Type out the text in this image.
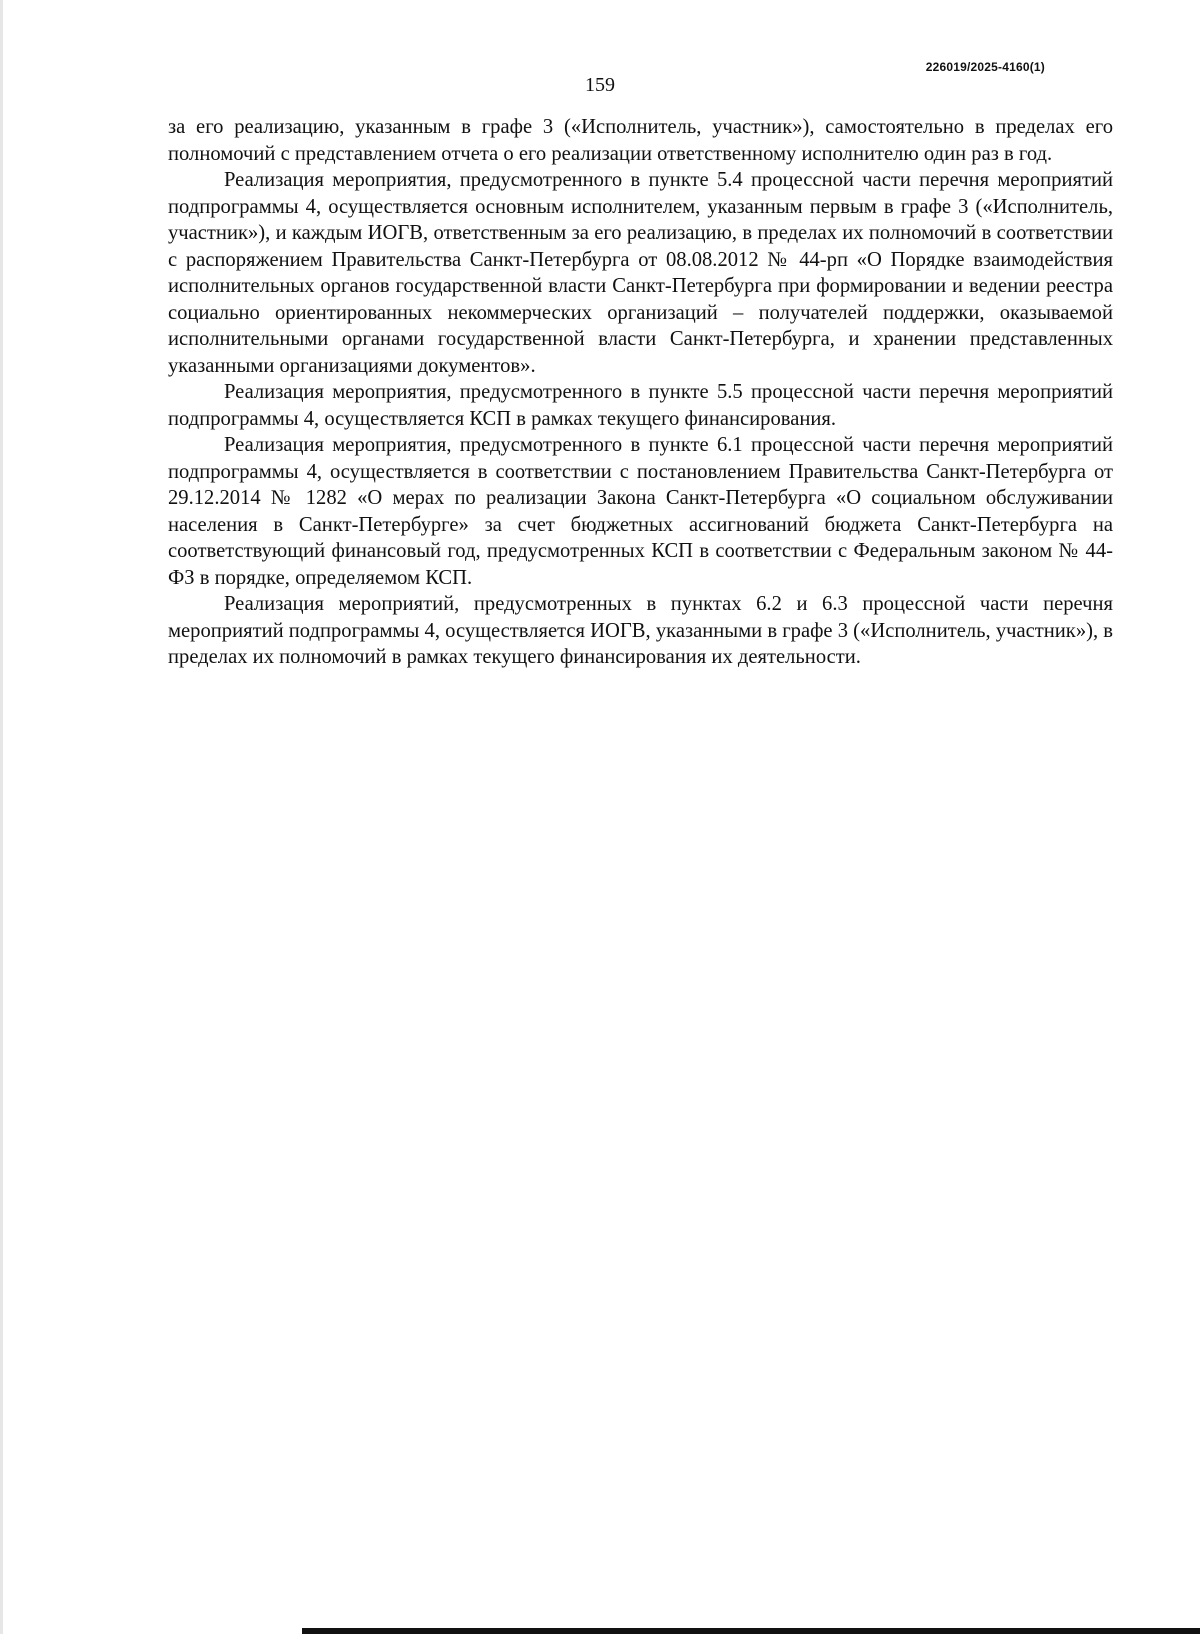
226019/2025-4160(1)
159

за его реализацию, указанным в графе 3 («Исполнитель, участник»), самостоятельно в пределах его полномочий с представлением отчета о его реализации ответственному исполнителю один раз в год.

Реализация мероприятия, предусмотренного в пункте 5.4 процессной части перечня мероприятий подпрограммы 4, осуществляется основным исполнителем, указанным первым в графе 3 («Исполнитель, участник»), и каждым ИОГВ, ответственным за его реализацию, в пределах их полномочий в соответствии с распоряжением Правительства Санкт-Петербурга от 08.08.2012 № 44-рп «О Порядке взаимодействия исполнительных органов государственной власти Санкт-Петербурга при формировании и ведении реестра социально ориентированных некоммерческих организаций – получателей поддержки, оказываемой исполнительными органами государственной власти Санкт-Петербурга, и хранении представленных указанными организациями документов».

Реализация мероприятия, предусмотренного в пункте 5.5 процессной части перечня мероприятий подпрограммы 4, осуществляется КСП в рамках текущего финансирования.

Реализация мероприятия, предусмотренного в пункте 6.1 процессной части перечня мероприятий подпрограммы 4, осуществляется в соответствии с постановлением Правительства Санкт-Петербурга от 29.12.2014 № 1282 «О мерах по реализации Закона Санкт-Петербурга «О социальном обслуживании населения в Санкт-Петербурге» за счет бюджетных ассигнований бюджета Санкт-Петербурга на соответствующий финансовый год, предусмотренных КСП в соответствии с Федеральным законом № 44-ФЗ в порядке, определяемом КСП.

Реализация мероприятий, предусмотренных в пунктах 6.2 и 6.3 процессной части перечня мероприятий подпрограммы 4, осуществляется ИОГВ, указанными в графе 3 («Исполнитель, участник»), в пределах их полномочий в рамках текущего финансирования их деятельности.
